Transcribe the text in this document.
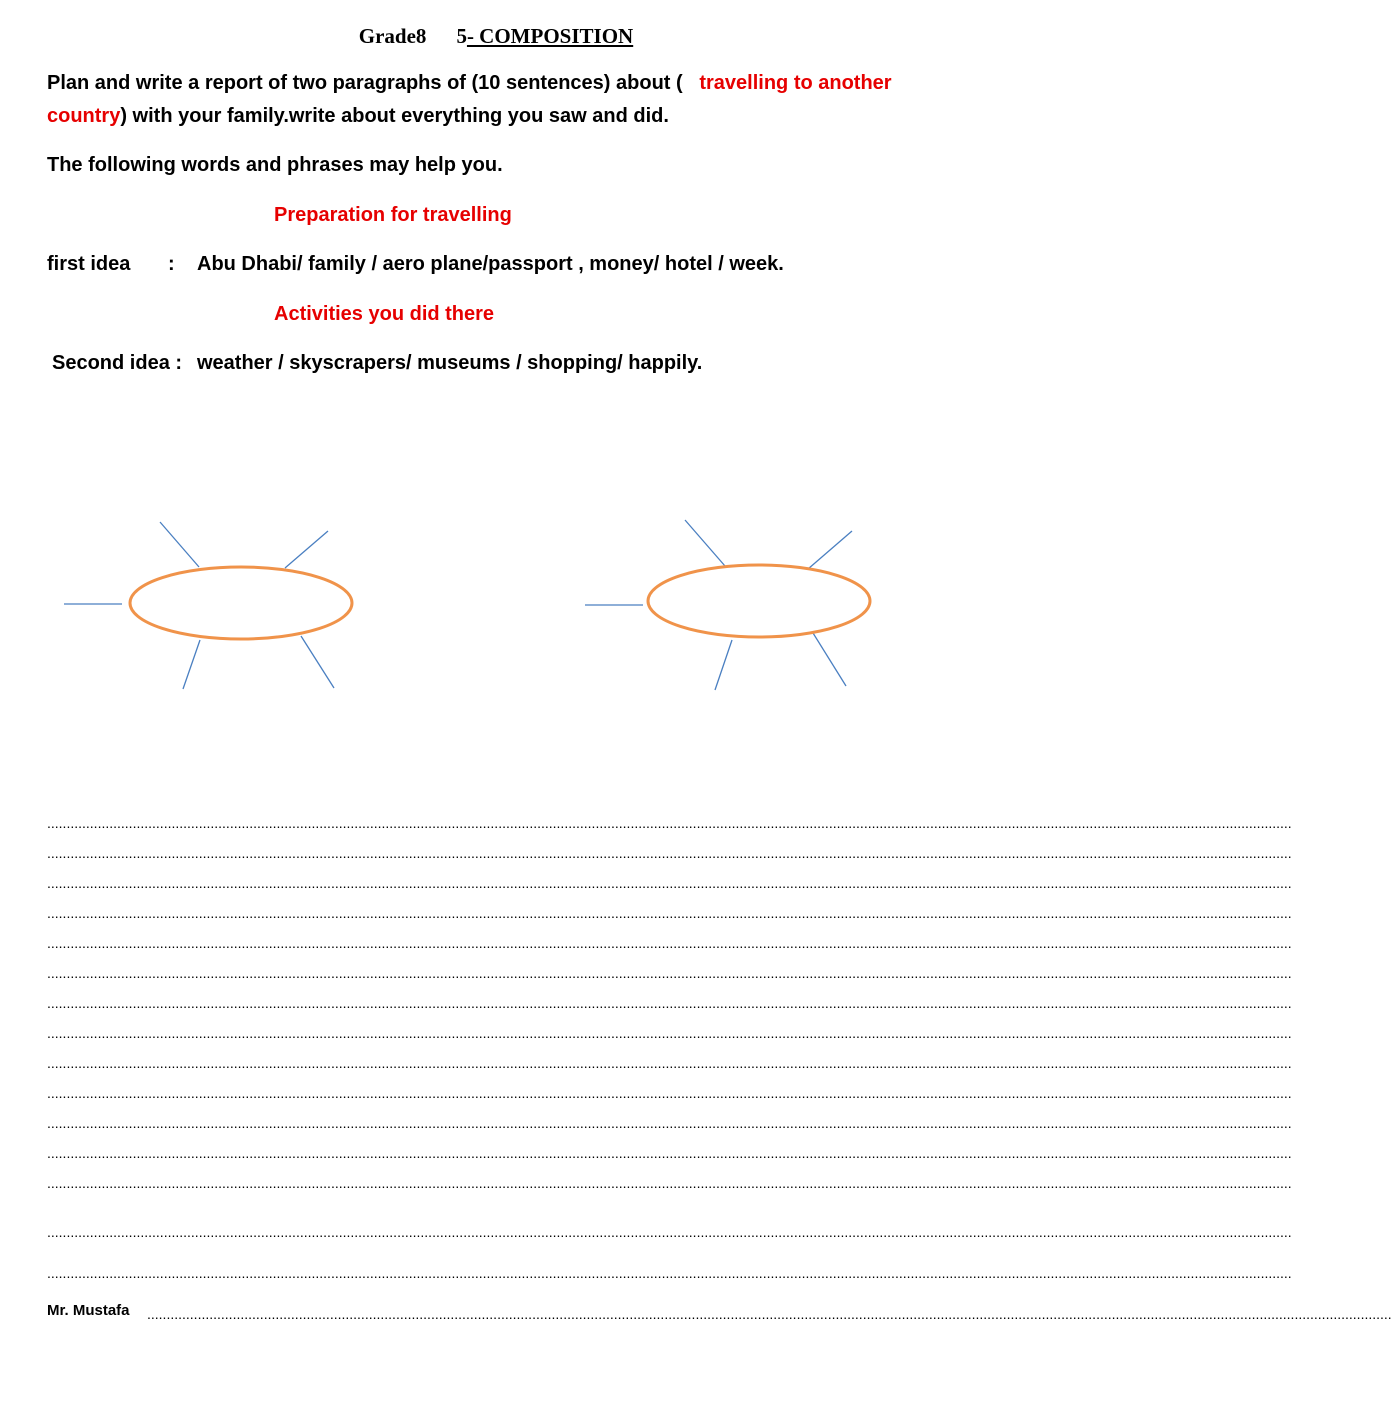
Grade8 5- COMPOSITION
Plan and write a report of two paragraphs of (10 sentences) about ( travelling to another country) with your family.write about everything you saw and did.
The following words and phrases may help you.
Preparation for travelling
first idea : Abu Dhabi/ family / aero plane/passport , money/ hotel / week.
Activities you did there
Second idea : weather / skyscrapers/ museums / shopping/ happily.
................................................................................................................................................................................................................................................................................................................................
................................................................................................................................................................................................................................................................................................................................
................................................................................................................................................................................................................................................................................................................................
................................................................................................................................................................................................................................................................................................................................
................................................................................................................................................................................................................................................................................................................................
................................................................................................................................................................................................................................................................................................................................
................................................................................................................................................................................................................................................................................................................................
................................................................................................................................................................................................................................................................................................................................
................................................................................................................................................................................................................................................................................................................................
................................................................................................................................................................................................................................................................................................................................
................................................................................................................................................................................................................................................................................................................................
................................................................................................................................................................................................................................................................................................................................
................................................................................................................................................................................................................................................................................................................................
................................................................................................................................................................................................................................................................................................................................
................................................................................................................................................................................................................................................................................................................................
Mr. Mustafa ................................................................................................................................................................................................................................................................................................................................
